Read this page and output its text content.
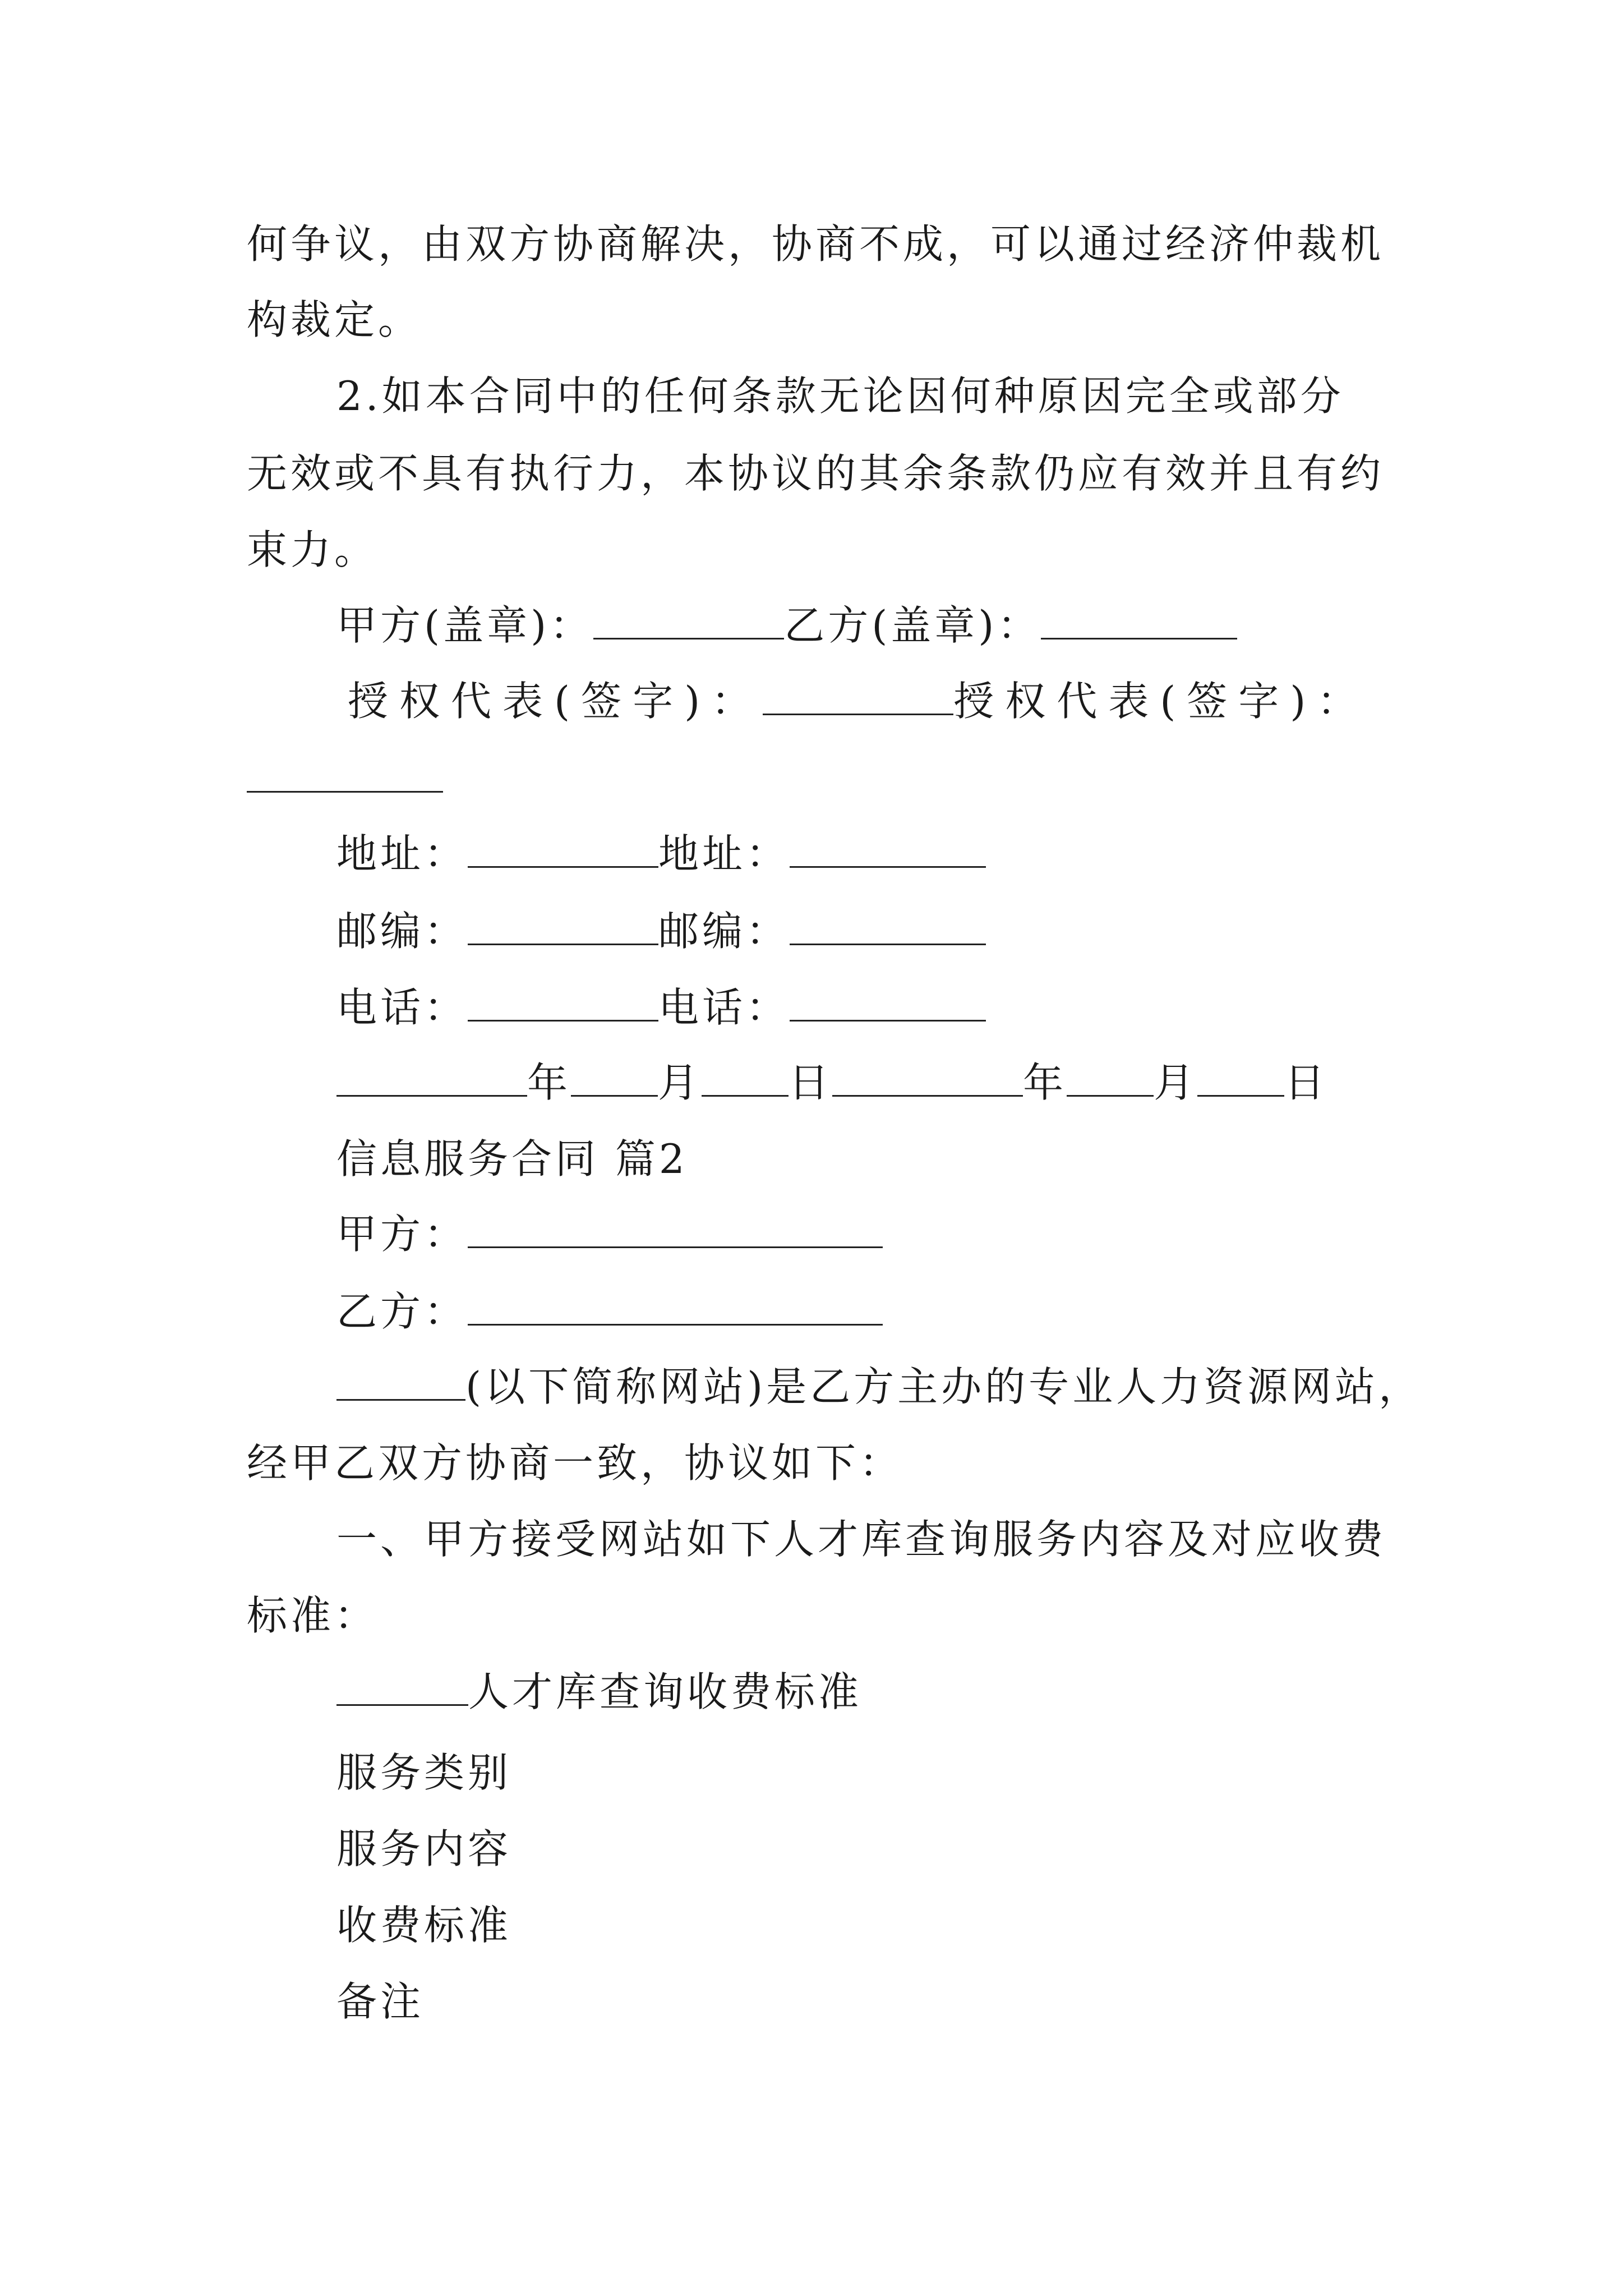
何争议，由双方协商解决，协商不成，可以通过经济仲裁机
构裁定。
2.如本合同中的任何条款无论因何种原因完全或部分
无效或不具有执行力，本协议的其余条款仍应有效并且有约
束力。
甲方(盖章)：	乙方(盖章)：
授权代表(签字)：	授权代表(签字)：
地址：	地址：
邮编：	邮编：
电话：	电话：
年 月 日	年 月 日
信息服务合同 篇2
甲方：
乙方：
(以下简称网站)是乙方主办的专业人力资源网站，
经甲乙双方协商一致，协议如下：
一、甲方接受网站如下人才库查询服务内容及对应收费
标准：
人才库查询收费标准
服务类别
服务内容
收费标准
备注
